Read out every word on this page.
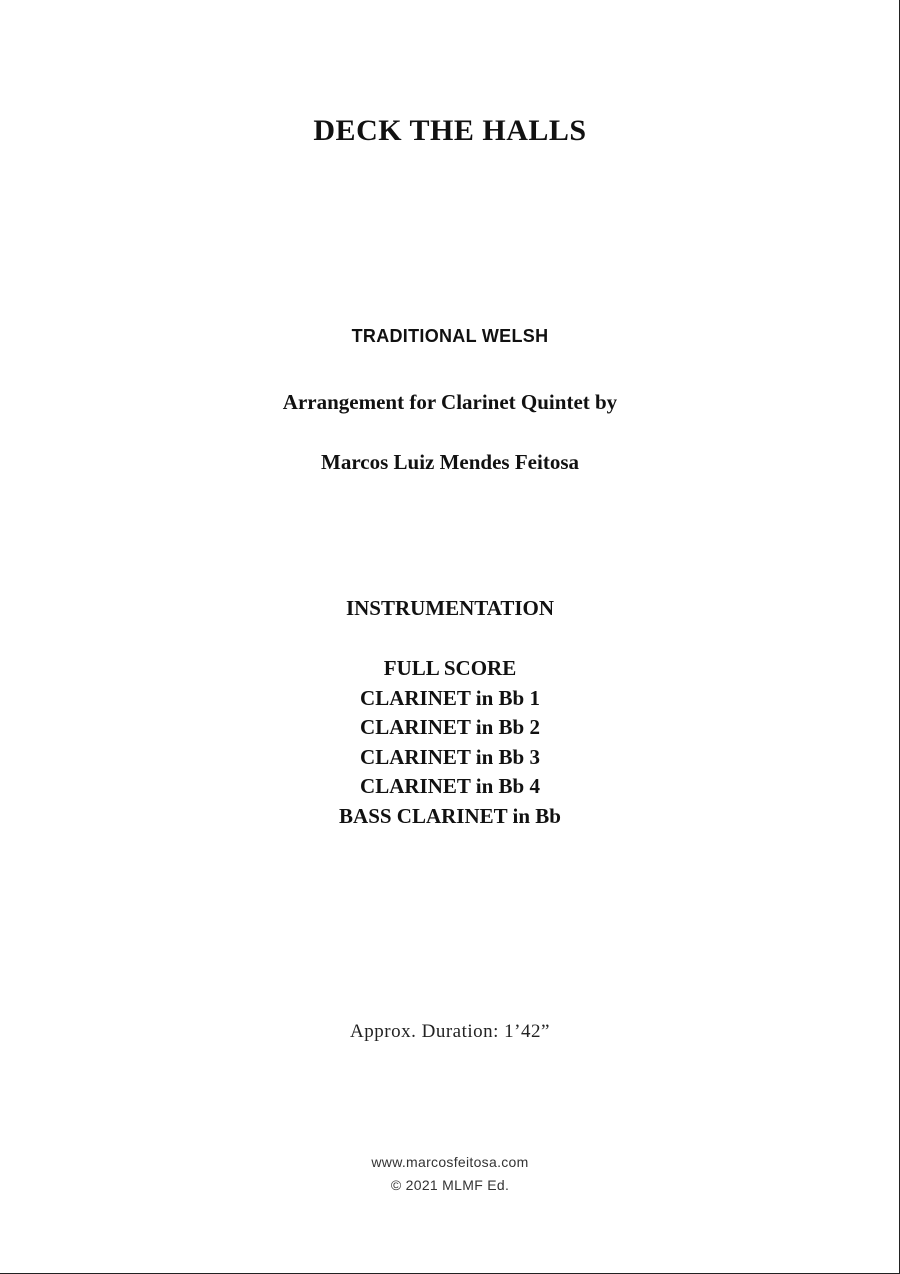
DECK THE HALLS
TRADITIONAL WELSH
Arrangement for Clarinet Quintet by
Marcos Luiz Mendes Feitosa
INSTRUMENTATION
FULL SCORE
CLARINET in Bb 1
CLARINET in Bb 2
CLARINET in Bb 3
CLARINET in Bb 4
BASS CLARINET in Bb
Approx. Duration: 1’42”
www.marcosfeitosa.com
© 2021 MLMF Ed.
